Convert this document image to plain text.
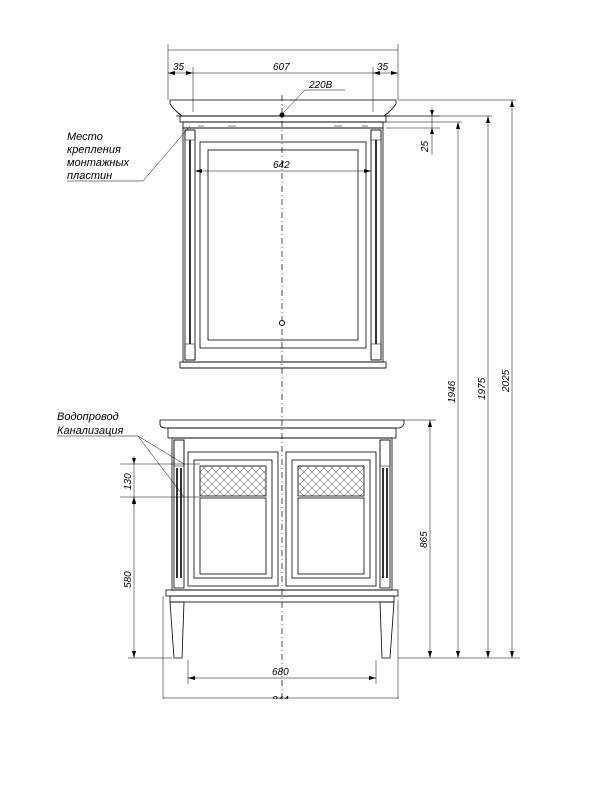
35	607	35
220В
642
Место
крепления
монтажных
пластин
25
1946 1975 2025
Водопровод
Канализация
130
580
865
680
